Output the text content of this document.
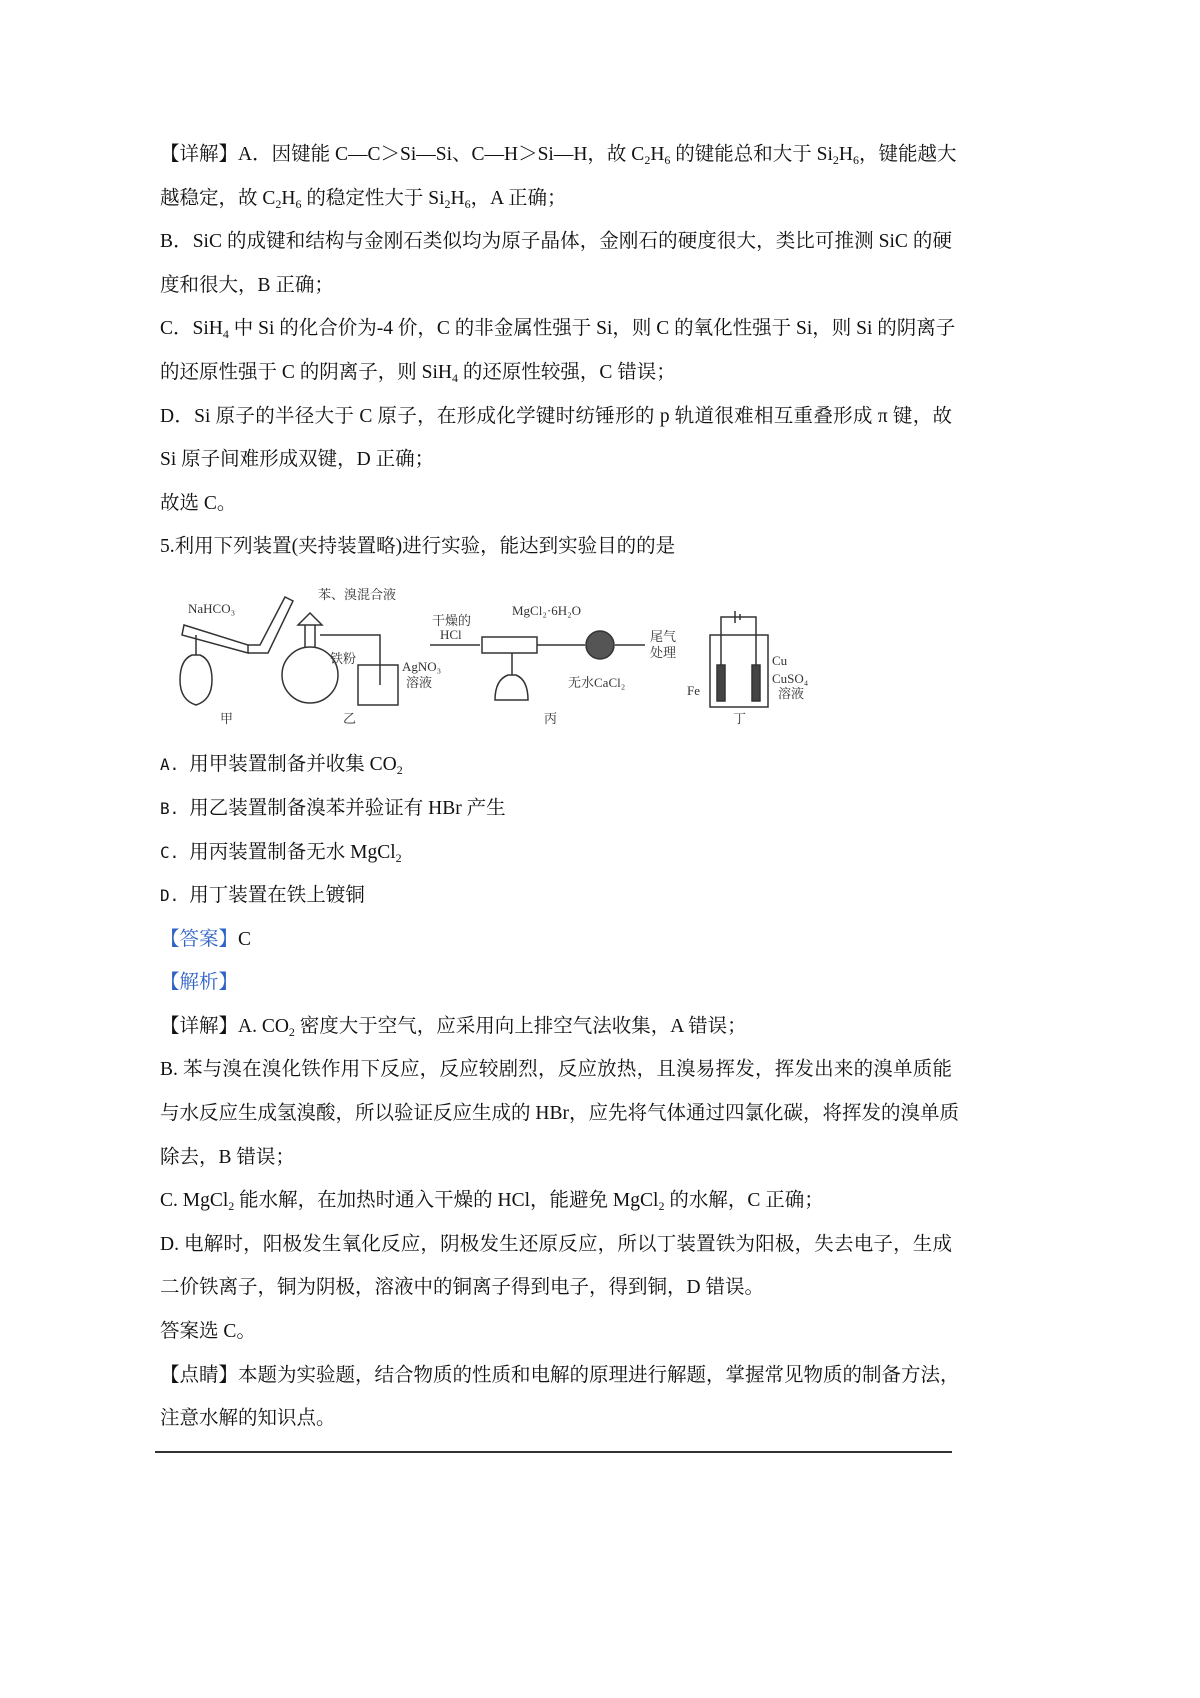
【详解】A．因键能 C—C＞Si—Si、C—H＞Si—H，故 $C_2H_6$ 的键能总和大于 $Si_2H_6$，键能越大
越稳定，故 $C_2H_6$ 的稳定性大于 $Si_2H_6$，A 正确；
B．SiC 的成键和结构与金刚石类似均为原子晶体，金刚石的硬度很大，类比可推测 SiC 的硬
度和很大，B 正确；
C．SiH$_4$ 中 Si 的化合价为-4 价，C 的非金属性强于 Si，则 C 的氧化性强于 Si，则 Si 的阴离子
的还原性强于 C 的阴离子，则 SiH$_4$ 的还原性较强，C 错误；
D．Si 原子的半径大于 C 原子，在形成化学键时纺锤形的 p 轨道很难相互重叠形成 π 键，故
Si 原子间难形成双键，D 正确；
故选 C。
5.利用下列装置(夹持装置略)进行实验，能达到实验目的的是
NaHCO₃
甲
苯、溴混合液
铁粉
AgNO₃
溶液
乙
干燥的
HCl
MgCl₂·6H₂O
无水CaCl₂
尾气
处理
丙
Fe
Cu
CuSO₄
溶液
丁
A. 用甲装置制备并收集 $CO_2$
B. 用乙装置制备溴苯并验证有 HBr 产生
C. 用丙装置制备无水 MgCl$_2$
D. 用丁装置在铁上镀铜
【答案】C
【解析】
【详解】A. $CO_2$ 密度大于空气，应采用向上排空气法收集，A 错误；
B. 苯与溴在溴化铁作用下反应，反应较剧烈，反应放热，且溴易挥发，挥发出来的溴单质能
与水反应生成氢溴酸，所以验证反应生成的 HBr，应先将气体通过四氯化碳，将挥发的溴单质
除去，B 错误；
C. MgCl$_2$ 能水解，在加热时通入干燥的 HCl，能避免 MgCl$_2$ 的水解，C 正确；
D. 电解时，阳极发生氧化反应，阴极发生还原反应，所以丁装置铁为阳极，失去电子，生成
二价铁离子，铜为阴极，溶液中的铜离子得到电子，得到铜，D 错误。
答案选 C。
【点睛】本题为实验题，结合物质的性质和电解的原理进行解题，掌握常见物质的制备方法，
注意水解的知识点。
